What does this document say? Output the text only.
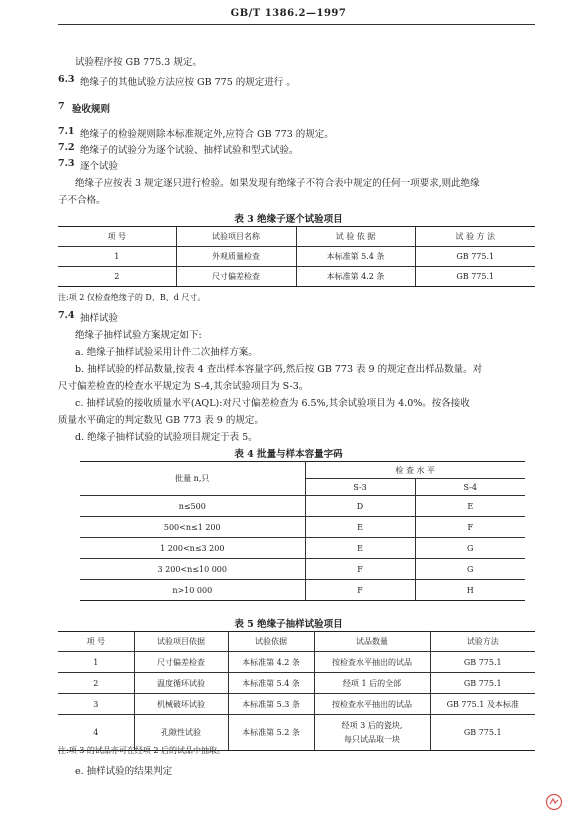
GB/T 1386.2—1997
试验程序按 GB 775.3 规定。
6.3 绝缘子的其他试验方法应按 GB 775 的规定进行 。
7 验收规则
7.1 绝缘子的检验规则除本标准规定外,应符合 GB 773 的规定。
7.2 绝缘子的试验分为逐个试验、抽样试验和型式试验。
7.3 逐个试验
绝缘子应按表 3 规定逐只进行检验。如果发现有绝缘子不符合表中规定的任何一项要求,则此绝缘
子不合格。
表 3 绝缘子逐个试验项目
项 号	试验项目名称	试 验 依 据	试 验 方 法
1	外观质量检查	本标准第 5.4 条	GB 775.1
2	尺寸偏差检查	本标准第 4.2 条	GB 775.1
注:项 2 仅检查绝缘子的 D、B、d 尺寸。
7.4 抽样试验
绝缘子抽样试验方案规定如下:
a. 绝缘子抽样试验采用计件二次抽样方案。
b. 抽样试验的样品数量,按表 4 查出样本容量字码,然后按 GB 773 表 9 的规定查出样品数量。对
尺寸偏差检查的检查水平规定为 S-4,其余试验项目为 S-3。
c. 抽样试验的接收质量水平(AQL):对尺寸偏差检查为 6.5%,其余试验项目为 4.0%。按各接收
质量水平确定的判定数见 GB 773 表 9 的规定。
d. 绝缘子抽样试验的试验项目规定于表 5。
表 4 批量与样本容量字码
批量 n,只	检 查 水 平	
	S-3	S-4
n≤500	D	E
500<n≤1 200	E	F
1 200<n≤3 200	E	G
3 200<n≤10 000	F	G
n>10 000	F	H
表 5 绝缘子抽样试验项目
项 号	试验项目依据	试验依据	试品数量	试验方法
1	尺寸偏差检查	本标准第 4.2 条	按检查水平抽出的试品	GB 775.1
2	温度循环试验	本标准第 5.4 条	经项 1 后的全部	GB 775.1
3	机械破坏试验	本标准第 5.3 条	按检查水平抽出的试品	GB 775.1 及本标准
4	孔隙性试验	本标准第 5.2 条	经项 3 后的瓷块,
每只试品取一块	GB 775.1
注:项 3 的试品亦可在经项 2 后的试品中抽取。
e. 抽样试验的结果判定
